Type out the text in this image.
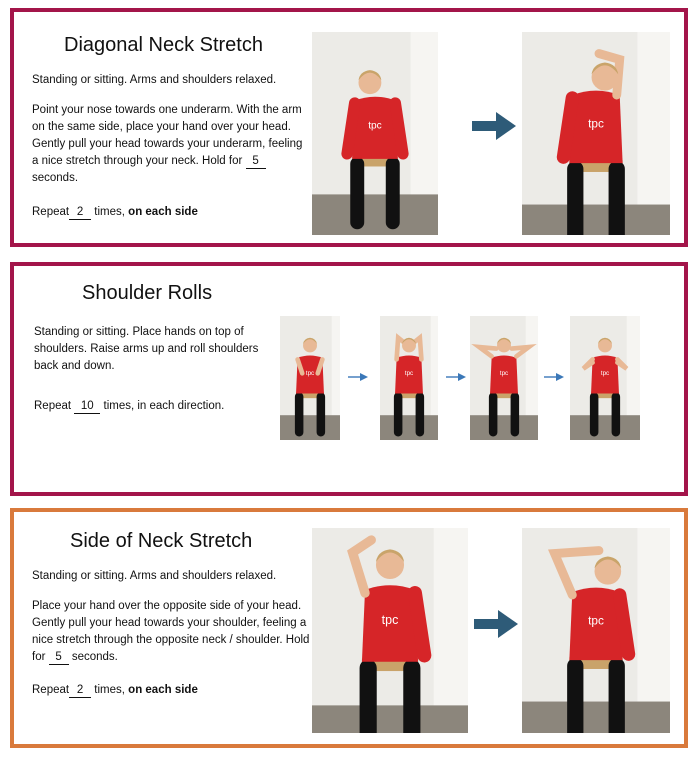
Diagonal Neck Stretch
Standing or sitting. Arms and shoulders relaxed.
Point your nose towards one underarm. With the arm on the same side, place your hand over your head. Gently pull your head towards your underarm, feeling a nice stretch through your neck. Hold for 5 seconds.
Repeat 2 times, on each side
tpc	tpc
Shoulder Rolls
Standing or sitting. Place hands on top of shoulders. Raise arms up and roll shoulders back and down.
Repeat 10 times, in each direction.
tpc	tpc	tpc	tpc
Side of Neck Stretch
Standing or sitting. Arms and shoulders relaxed.
Place your hand over the opposite side of your head. Gently pull your head towards your shoulder, feeling a nice stretch through the opposite neck / shoulder. Hold for 5 seconds.
Repeat 2 times, on each side
tpc	tpc
